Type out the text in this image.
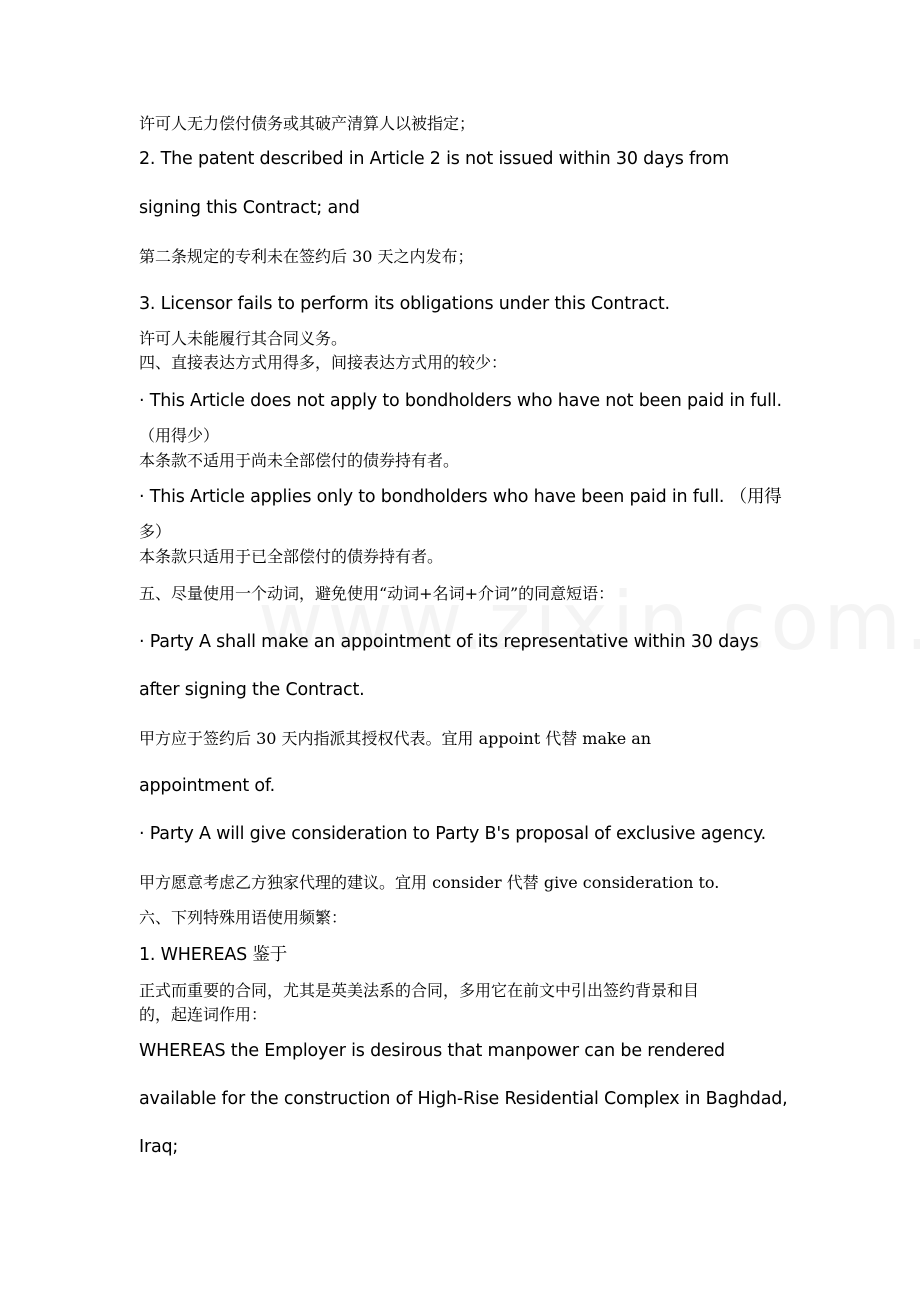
许可人无力偿付债务或其破产清算人以被指定；
2. The patent described in Article 2 is not issued within 30 days from
signing this Contract; and
第二条规定的专利未在签约后 30 天之内发布；
3. Licensor fails to perform its obligations under this Contract.
许可人未能履行其合同义务。
四、直接表达方式用得多，间接表达方式用的较少：
· This Article does not apply to bondholders who have not been paid in full.
（用得少）
本条款不适用于尚未全部偿付的债券持有者。
· This Article applies only to bondholders who have been paid in full. （用得
多）
本条款只适用于已全部偿付的债券持有者。
五、尽量使用一个动词，避免使用“动词+名词+介词”的同意短语：
· Party A shall make an appointment of its representative within 30 days
after signing the Contract.
甲方应于签约后 30 天内指派其授权代表。宜用 appoint 代替 make an
appointment of.
· Party A will give consideration to Party B's proposal of exclusive agency.
甲方愿意考虑乙方独家代理的建议。宜用 consider 代替 give consideration to.
六、下列特殊用语使用频繁：
1. WHEREAS 鉴于
正式而重要的合同，尤其是英美法系的合同，多用它在前文中引出签约背景和目
的，起连词作用：
WHEREAS the Employer is desirous that manpower can be rendered
available for the construction of High-Rise Residential Complex in Baghdad,
Iraq;
